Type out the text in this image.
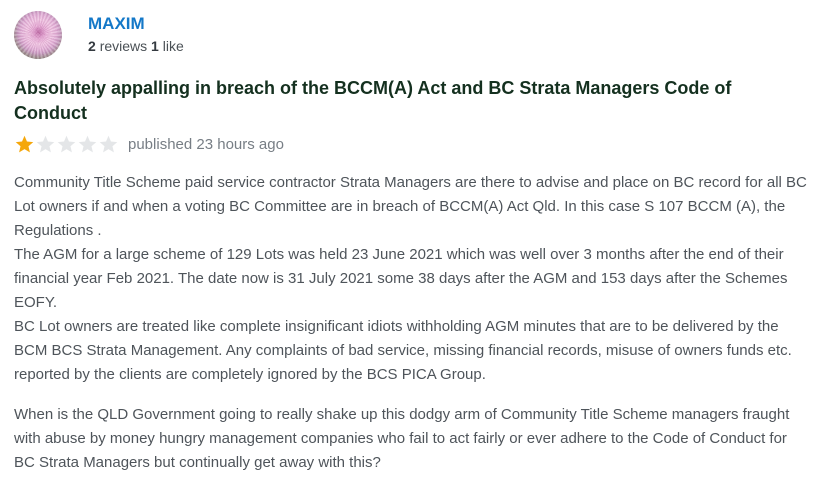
MAXIM
2 reviews 1 like
Absolutely appalling in breach of the BCCM(A) Act and BC Strata Managers Code of Conduct
published 23 hours ago

Community Title Scheme paid service contractor Strata Managers are there to advise and place on BC record for all BC Lot owners if and when a voting BC Committee are in breach of BCCM(A) Act Qld. In this case S 107 BCCM (A), the Regulations .

The AGM for a large scheme of 129 Lots was held 23 June 2021 which was well over 3 months after the end of their financial year Feb 2021. The date now is 31 July 2021 some 38 days after the AGM and 153 days after the Schemes EOFY.

BC Lot owners are treated like complete insignificant idiots withholding AGM minutes that are to be delivered by the BCM BCS Strata Management. Any complaints of bad service, missing financial records, misuse of owners funds etc. reported by the clients are completely ignored by the BCS PICA Group.

When is the QLD Government going to really shake up this dodgy arm of Community Title Scheme managers fraught with abuse by money hungry management companies who fail to act fairly or ever adhere to the Code of Conduct for BC Strata Managers but continually get away with this?
